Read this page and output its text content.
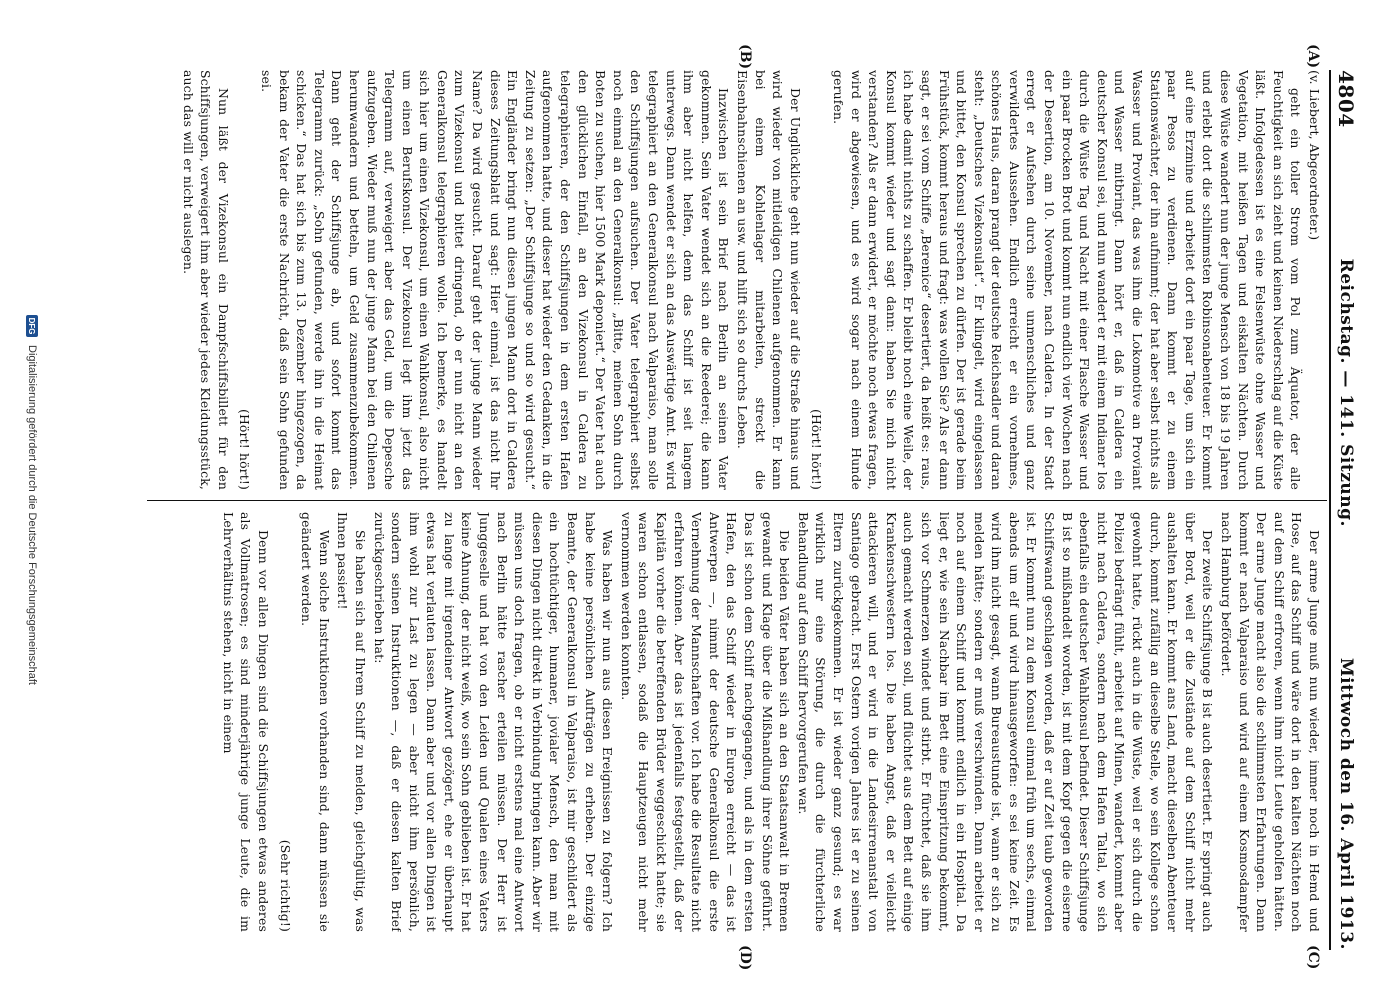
4804
Reichstag. — 141. Sitzung.
Mittwoch den 16. April 1913.
(A)
(B)
(C)
(D)

(v. Liebert, Abgeordneter.)

geht ein toller Strom vom Pol zum Äquator, der alle Feuchtigkeit an sich zieht und keinen Niederschlag auf die Küste läßt. Infolgedessen ist es eine Felsenwüste ohne Wasser und Vegetation, mit heißen Tagen und eiskalten Nächten. Durch diese Wüste wandert nun der junge Mensch von 18 bis 19 Jahren und erlebt dort die schlimmsten Robinsonabenteuer. Er kommt auf eine Erzmine und arbeitet dort ein paar Tage, um sich ein paar Pesos zu verdienen. Dann kommt er zu einem Stationswächter, der ihn aufnimmt; der hat aber selbst nichts als Wasser und Proviant, das was ihm die Lokomotive an Proviant und Wasser mitbringt. Dann hört er, daß in Caldera ein deutscher Konsul sei, und nun wandert er mit einem Indianer los durch die Wüste Tag und Nacht mit einer Flasche Wasser und ein paar Brocken Brot und kommt nun endlich vier Wochen nach der Desertion, am 10. November, nach Caldera. In der Stadt erregt er Aufsehen durch seine unmenschliches und ganz verwildertes Aussehen. Endlich erreicht er ein vornehmes, schönes Haus, daran prangt der deutsche Reichsadler und daran steht: „Deutsches Vizekonsulat“. Er klingelt, wird eingelassen und bittet, den Konsul sprechen zu dürfen. Der ist gerade beim Frühstück, kommt heraus und fragt: was wollen Sie? Als er dann sagt, er sei vom Schiffe „Berenice“ desertiert, da heißt es: raus, ich habe damit nichts zu schaffen. Er bleibt noch eine Weile, der Konsul kommt wieder und sagt dann: haben Sie mich nicht verstanden? Als er dann erwidert, er möchte noch etwas fragen, wird er abgewiesen, und es wird sogar nach einem Hunde gerufen.

(Hört! hört!)

Der Unglückliche geht nun wieder auf die Straße hinaus und wird wieder von mitleidigen Chilenen aufgenommen. Er kann bei einem Kohlenlager mitarbeiten, streckt die Eisenbahnschienen an usw. und hilft sich so durchs Leben.

Inzwischen ist sein Brief nach Berlin an seinen Vater gekommen. Sein Vater wendet sich an die Reederei; die kann ihm aber nicht helfen, denn das Schiff ist seit langem unterwegs. Dann wendet er sich an das Auswärtige Amt. Es wird telegraphiert an den Generalkonsul nach Valparaiso, man solle den Schiffsjungen aufsuchen. Der Vater telegraphiert selbst noch einmal an den Generalkonsul: „Bitte, meinen Sohn durch Boten zu suchen, hier 1500 Mark deponiert.“ Der Vater hat auch den glücklichen Einfall, an den Vizekonsul in Caldera zu telegraphieren, der den Schiffsjungen in dem ersten Hafen aufgenommen hatte, und dieser hat wieder den Gedanken, in die Zeitung zu setzen: „Der Schiffsjunge so und so wird gesucht.“ Ein Engländer bringt nun diesen jungen Mann dort in Caldera dieses Zeitungsblatt und sagt: Hier einmal, ist das nicht Ihr Name? Da wird gesucht. Darauf geht der junge Mann wieder zum Vizekonsul und bittet dringend, ob er nun nicht an den Generalkonsul telegraphieren wolle. Ich bemerke, es handelt sich hier um einen Vizekonsul, um einen Wahlkonsul, also nicht um einen Berufskonsul. Der Vizekonsul legt ihm jetzt das Telegramm auf, verweigert aber das Geld, um die Depesche aufzugeben. Wieder muß nun der junge Mann bei den Chilenen herumwandern und betteln, um Geld zusammenzubekommen. Dann geht der Schiffsjunge ab, und sofort kommt das Telegramm zurück: „Sohn gefunden, werde ihn in die Heimat schicken.“ Das hat sich bis zum 13. Dezember hingezogen, da bekam der Vater die erste Nachricht, daß sein Sohn gefunden sei.

(Hört! hört!)

Nun läßt der Vizekonsul ein Dampfschiffsbillett für den Schiffsjungen, verweigert ihm aber wieder jedes Kleidungsstück, auch das will er nicht auslegen.

Der arme Junge muß nun wieder, immer noch in Hemd und Hose, auf das Schiff und wäre dort in den kalten Nächten noch auf dem Schiff erfroren, wenn ihm nicht Leute geholfen hätten. Der arme Junge macht also die schlimmsten Erfahrungen. Dann kommt er nach Valparaiso und wird auf einem Kosmosdampfer nach Hamburg befördert.

Der zweite Schiffsjunge B ist auch desertiert. Er springt auch über Bord, weil er die Zustände auf dem Schiff nicht mehr aushalten kann. Er kommt ans Land, macht dieselben Abenteuer durch, kommt zufällig an dieselbe Stelle, wo sein Kollege schon gewohnt hatte, rückt auch in die Wüste, weil er sich durch die Polizei bedrängt fühlt, arbeitet auf Minen, wandert, kommt aber nicht nach Caldera, sondern nach dem Hafen Taltal, wo sich ebenfalls ein deutscher Wahlkonsul befindet. Dieser Schiffsjunge B ist so mißhandelt worden, ist mit dem Kopf gegen die eiserne Schiffswand geschlagen worden, daß er auf Zeit taub geworden ist. Er kommt nun zu dem Konsul einmal früh um sechs, einmal abends um elf und wird hinausgeworfen: es sei keine Zeit. Es wird ihm nicht gesagt, wann Bureaustunde ist, wann er sich zu melden hätte; sondern er muß verschwinden. Dann arbeitet er noch auf einem Schiff und kommt endlich in ein Hospital. Da liegt er, wie sein Nachbar im Bett eine Einspritzung bekommt, sich vor Schmerzen windet und stirbt. Er fürchtet, daß sie ihm auch gemacht werden soll, und flüchtet aus dem Bett auf einige Krankenschwestern los. Die haben Angst, daß er vielleicht attackieren will, und er wird in die Landesirrenanstalt von Santiago gebracht. Erst Ostern vorigen Jahres ist er zu seinen Eltern zurückgekommen. Er ist wieder ganz gesund; es war wirklich nur eine Störung, die durch die fürchterliche Behandlung auf dem Schiff hervorgerufen war.

Die beiden Väter haben sich an den Staatsanwalt in Bremen gewandt und Klage über die Mißhandlung ihrer Söhne geführt. Das ist schon dem Schiff nachgegangen, und als in dem ersten Hafen, den das Schiff wieder in Europa erreicht — das ist Antwerpen —, nimmt der deutsche Generalkonsul die erste Vernehmung der Mannschaften vor. Ich habe die Resultate nicht erfahren können. Aber das ist jedenfalls festgestellt, daß der Kapitän vorher die betreffenden Brüder weggeschickt hatte; sie waren schon entlassen, sodaß die Hauptzeugen nicht mehr vernommen werden konnten.

Was haben wir nun aus diesen Ereignissen zu folgern? Ich habe keine persönlichen Aufträgen zu erheben. Der einzige Beamte, der Generalkonsul in Valparaiso, ist mir geschildert als ein hochtüchtiger, humaner, jovialer Mensch, den man mit diesen Dingen nicht direkt in Verbindung bringen kann. Aber wir müssen uns doch fragen, ob er nicht erstens mal eine Antwort nach Berlin hätte rascher erteilen müssen. Der Herr ist Junggeselle und hat von den Leiden und Qualen eines Vaters keine Ahnung, der nicht weiß, wo sein Sohn geblieben ist. Er hat zu lange mit irgendeiner Antwort gezögert, ehe er überhaupt etwas hat verlauten lassen. Dann aber und vor allen Dingen ist ihm wohl zur Last zu legen — aber nicht ihm persönlich, sondern seinen Instruktionen —, daß er diesen kalten Brief zurückgeschrieben hat:

Sie haben sich auf Ihrem Schiff zu melden, gleichgültig, was Ihnen passiert!

Wenn solche Instruktionen vorhanden sind, dann müssen sie geändert werden.

(Sehr richtig!)

Denn vor allen Dingen sind die Schiffsjungen etwas anderes als Vollmatrosen; es sind minderjährige junge Leute, die im Lehrverhältnis stehen, nicht in einem

DFG
Digitalisierung gefördert durch die Deutsche Forschungsgemeinschaft
